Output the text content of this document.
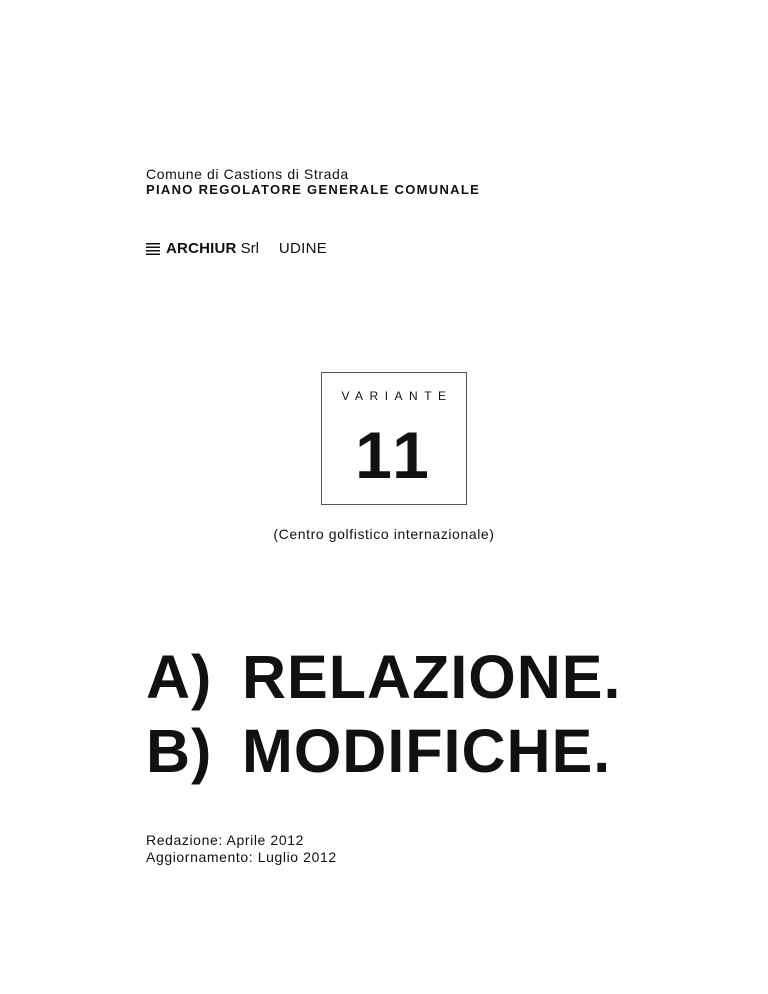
Comune di Castions di Strada

PIANO REGOLATORE GENERALE COMUNALE

ARCHIUR Srl UDINE
VARIANTE
11
(Centro golfistico internazionale)

A) RELAZIONE.

B) MODIFICHE.

Redazione: Aprile 2012

Aggiornamento: Luglio 2012
